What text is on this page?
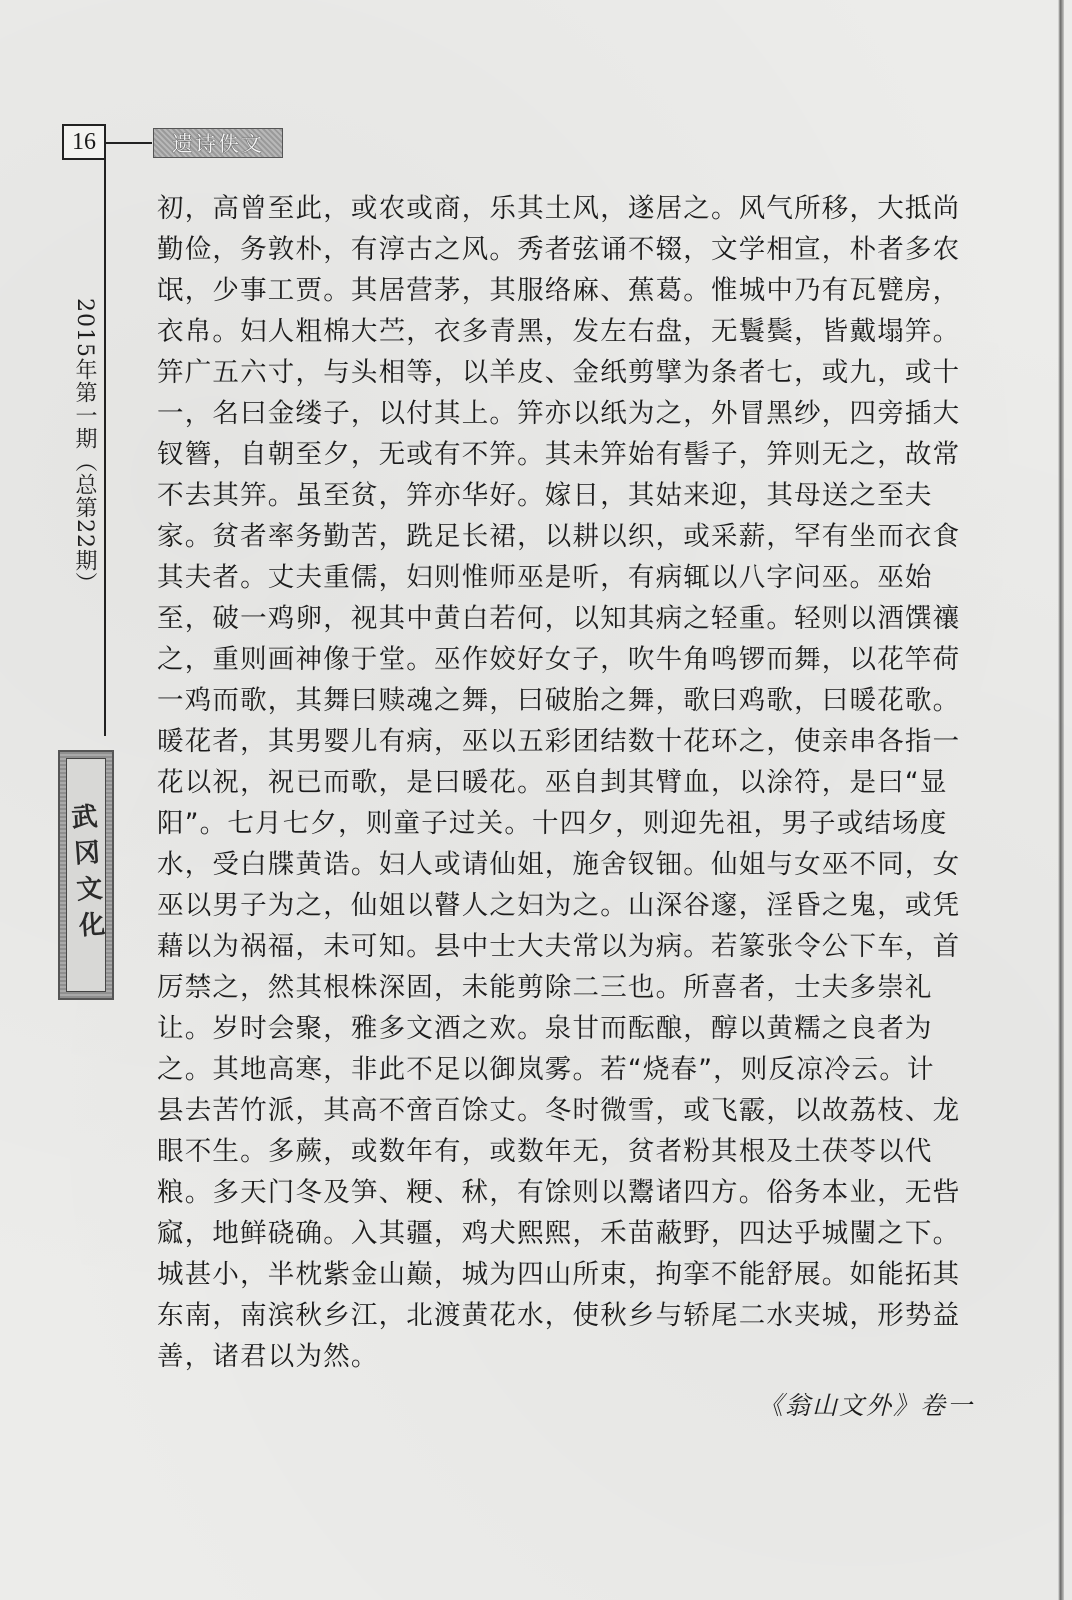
16	遗诗佚文
2015年第一期（总第22期）
武冈文化
初，高曾至此，或农或商，乐其土风，遂居之。风气所移，大抵尚
勤俭，务敦朴，有淳古之风。秀者弦诵不辍，文学相宣，朴者多农
氓，少事工贾。其居营茅，其服络麻、蕉葛。惟城中乃有瓦甓房，
衣帛。妇人粗棉大苎，衣多青黑，发左右盘，无鬟鬓，皆戴塌笄。
笄广五六寸，与头相等，以羊皮、金纸剪擘为条者七，或九，或十
一，名曰金缕子，以付其上。笄亦以纸为之，外冒黑纱，四旁插大
钗簪，自朝至夕，无或有不笄。其未笄始有髻子，笄则无之，故常
不去其笄。虽至贫，笄亦华好。嫁日，其姑来迎，其母送之至夫
家。贫者率务勤苦，跣足长裙，以耕以织，或采薪，罕有坐而衣食
其夫者。丈夫重儒，妇则惟师巫是听，有病辄以八字问巫。巫始
至，破一鸡卵，视其中黄白若何，以知其病之轻重。轻则以酒馔禳
之，重则画神像于堂。巫作姣好女子，吹牛角鸣锣而舞，以花竿荷
一鸡而歌，其舞曰赎魂之舞，曰破胎之舞，歌曰鸡歌，曰暖花歌。
暖花者，其男婴儿有病，巫以五彩团结数十花环之，使亲串各指一
花以祝，祝已而歌，是曰暖花。巫自刲其臂血，以涂符，是曰“显
阳”。七月七夕，则童子过关。十四夕，则迎先祖，男子或结场度
水，受白牒黄诰。妇人或请仙姐，施舍钗钿。仙姐与女巫不同，女
巫以男子为之，仙姐以瞽人之妇为之。山深谷邃，淫昏之鬼，或凭
藉以为祸福，未可知。县中士大夫常以为病。若篆张令公下车，首
厉禁之，然其根株深固，未能剪除二三也。所喜者，士夫多崇礼
让。岁时会聚，雅多文酒之欢。泉甘而酝酿，醇以黄糯之良者为
之。其地高寒，非此不足以御岚雾。若“烧春”，则反凉冷云。计
县去苦竹派，其高不啻百馀丈。冬时微雪，或飞霰，以故荔枝、龙
眼不生。多蕨，或数年有，或数年无，贫者粉其根及土茯苓以代
粮。多天门冬及笋、粳、秫，有馀则以鬻诸四方。俗务本业，无呰
窳，地鲜硗确。入其疆，鸡犬熙熙，禾苗蔽野，四达乎城闉之下。
城甚小，半枕紫金山巅，城为四山所束，拘挛不能舒展。如能拓其
东南，南滨秋乡江，北渡黄花水，使秋乡与轿尾二水夹城，形势益
善，诸君以为然。
《翁山文外》卷一
